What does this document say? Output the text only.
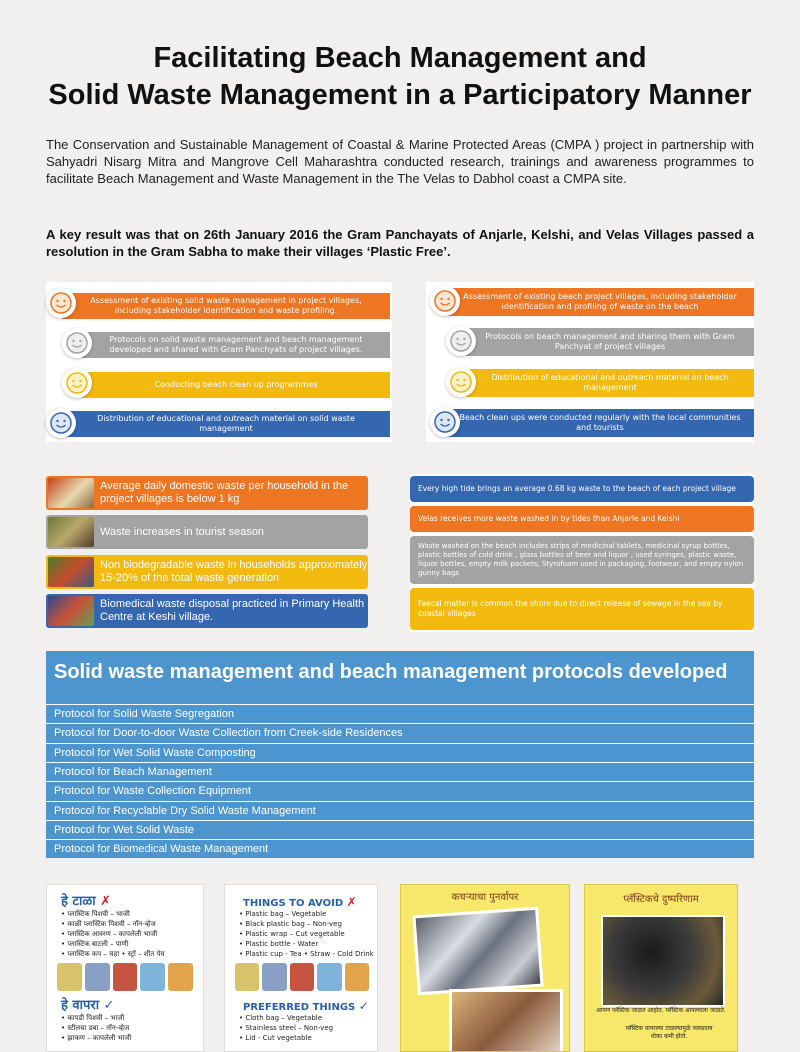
Facilitating Beach Management and
Solid Waste Management in a Participatory Manner
The Conservation and Sustainable Management of Coastal & Marine Protected Areas (CMPA ) project in partnership with Sahyadri Nisarg Mitra and Mangrove Cell Maharashtra conducted research, trainings and awareness programmes to facilitate Beach Management and Waste Management in the The Velas to Dabhol coast a CMPA site.
A key result was that on 26th January 2016 the Gram Panchayats of Anjarle, Kelshi, and Velas Villages passed a resolution in the Gram Sabha to make their villages ‘Plastic Free’.
Assessment of existing solid waste management in project villages, including stakeholder identification and waste profiling.
Protocols on solid waste management and beach management developed and shared with Gram Panchyats of project villages.
Conducting beach clean up programmes
Distribution of educational and outreach material on solid waste management
Assessment of existing beach project villages, including stakeholder identification and profiling of waste on the beach
Protocols on beach management and sharing them with Gram Panchyat of project villages
Distribution of educational and outreach material on beach management
Beach clean ups were conducted regularly with the local communities and tourists
Average daily domestic waste per household in the project villages is below 1 kg
Waste increases in tourist season
Non biodegradable waste in households approximately 15-20% of the total waste generation
Biomedical waste disposal practiced in Primary Health Centre at Keshi village.
Every high tide brings an average 0.68 kg waste to the beach of each project village
Velas receives more waste washed in by tides than Anjarle and Kelshi
Waste washed on the beach includes strips of medicinal tablets, medicinal syrup bottles, plastic bottles of cold drink , glass bottles of beer and liquor , used syringes, plastic waste, liquor bottles, empty milk packets, Styrofoam used in packaging, footwear, and empty nylon gunny bags
Faecal matter is common the shore due to direct release of sewage in the sea by coastal villages
Solid waste management and beach management protocols developed
Protocol for Solid Waste Segregation
Protocol for Door-to-door Waste Collection from Creek-side Residences
Protocol for Wet Solid Waste Composting
Protocol for Beach Management
Protocol for Waste Collection Equipment
Protocol for Recyclable Dry Solid Waste Management
Protocol for Wet Solid Waste
Protocol for Biomedical Waste Management
हे टाळा ✗
• प्लास्टिक पिशवी – भाजी
• काळी प्लास्टिक पिशवी – नॉन-व्हेज
• प्लास्टिक आवरण – कापलेली भाजी
• प्लास्टिक बाटली – पाणी
• प्लास्टिक कप – चहा • स्ट्रॉ – शीत पेय
हे वापरा ✓
• कापडी पिशवी – भाजी
• स्टीलचा डबा – नॉन-व्हेज
• झाकण – कापलेली भाजी
THINGS TO AVOID ✗
• Plastic bag – Vegetable
• Black plastic bag – Non-veg
• Plastic wrap – Cut vegetable
• Plastic bottle - Water
• Plastic cup - Tea • Straw - Cold Drink
PREFERRED THINGS ✓
• Cloth bag – Vegetable
• Stainless steel – Non-veg
• Lid - Cut vegetable
कचऱ्याचा पुनर्वापर	प्लॅस्टिकचे दुष्परिणाम
आपण प्लॅस्टिक जाळत आहोत. प्लॅस्टिक आपल्याला जाळते.
प्लॅस्टिक वापरल्या टाळल्यामुळे जलप्रदाय धोका कमी होतो.
